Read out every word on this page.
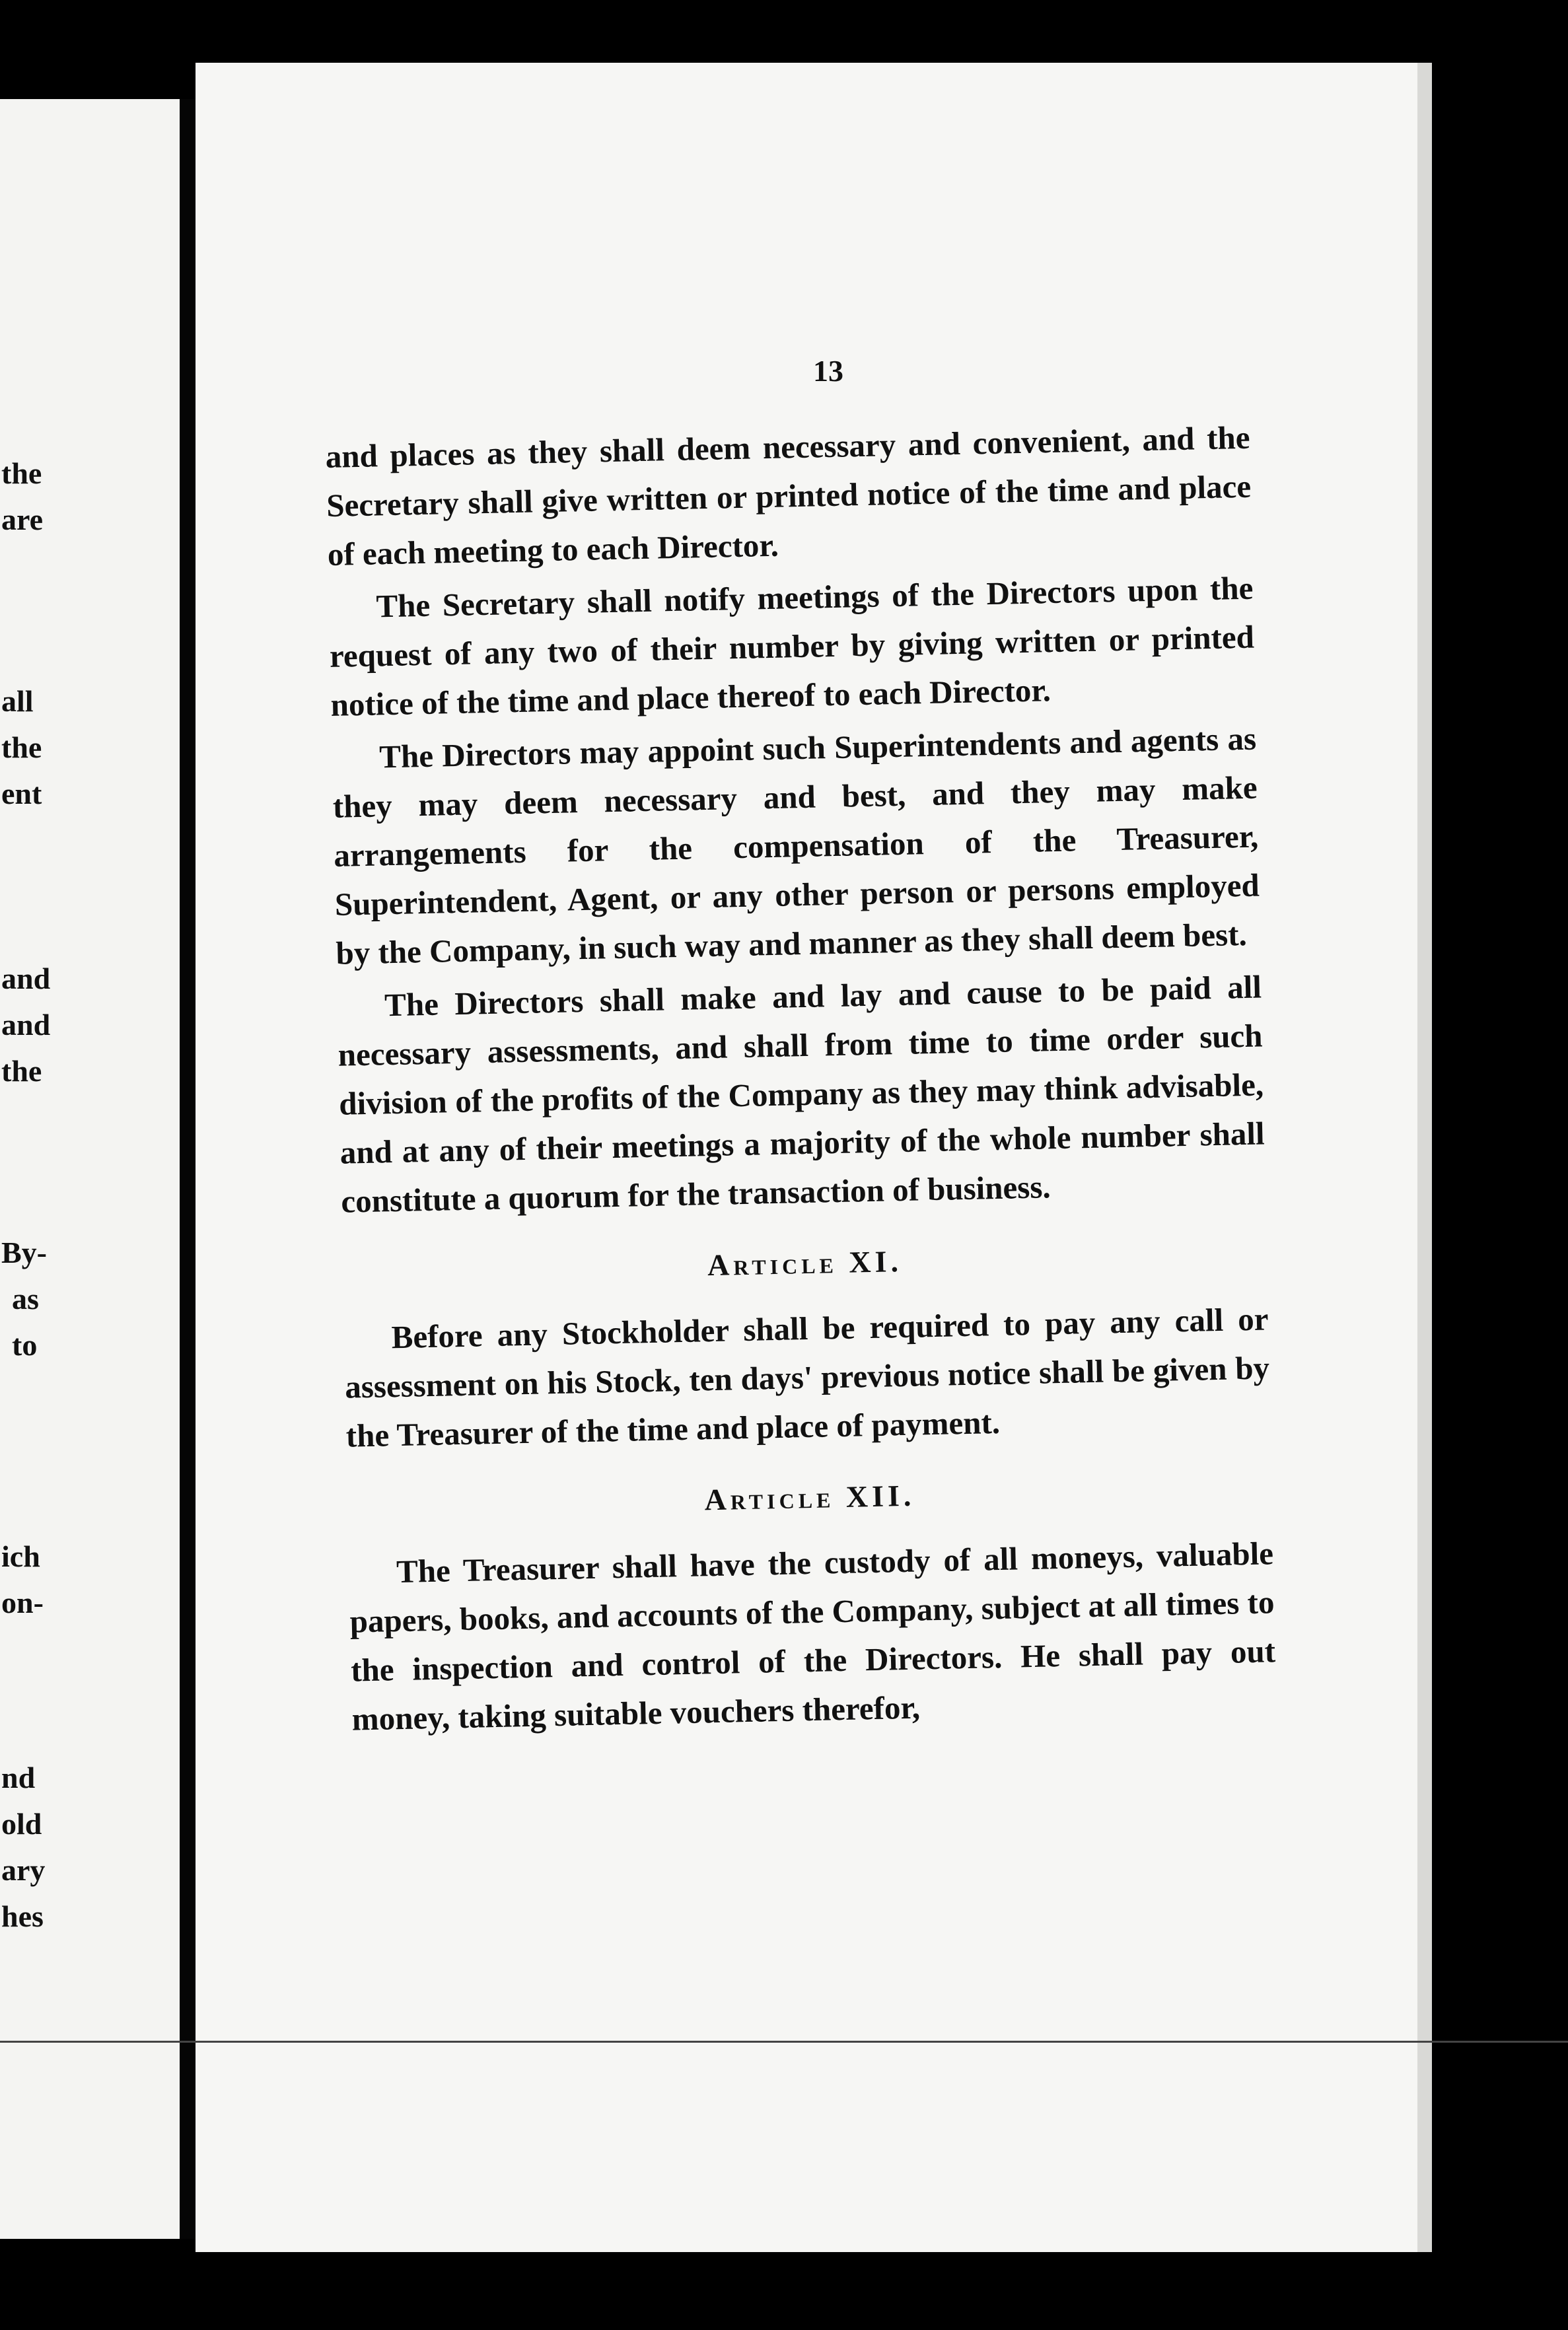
the
are
all
the
ent
and
and
the
By-
as
to
ich
on-
nd
old
ary
hes
13

and places as they shall deem necessary and convenient, and the Secretary shall give written or printed notice of the time and place of each meeting to each Director.

The Secretary shall notify meetings of the Directors upon the request of any two of their number by giving written or printed notice of the time and place thereof to each Director.

The Directors may appoint such Superintendents and agents as they may deem necessary and best, and they may make arrangements for the compensation of the Treasurer, Superintendent, Agent, or any other person or persons employed by the Company, in such way and manner as they shall deem best.

The Directors shall make and lay and cause to be paid all necessary assessments, and shall from time to time order such division of the profits of the Company as they may think advisable, and at any of their meetings a majority of the whole number shall constitute a quorum for the transaction of business.

Article XI.

Before any Stockholder shall be required to pay any call or assessment on his Stock, ten days' previous notice shall be given by the Treasurer of the time and place of payment.

Article XII.

The Treasurer shall have the custody of all moneys, valuable papers, books, and accounts of the Company, subject at all times to the inspection and control of the Directors. He shall pay out money, taking suitable vouchers therefor,
